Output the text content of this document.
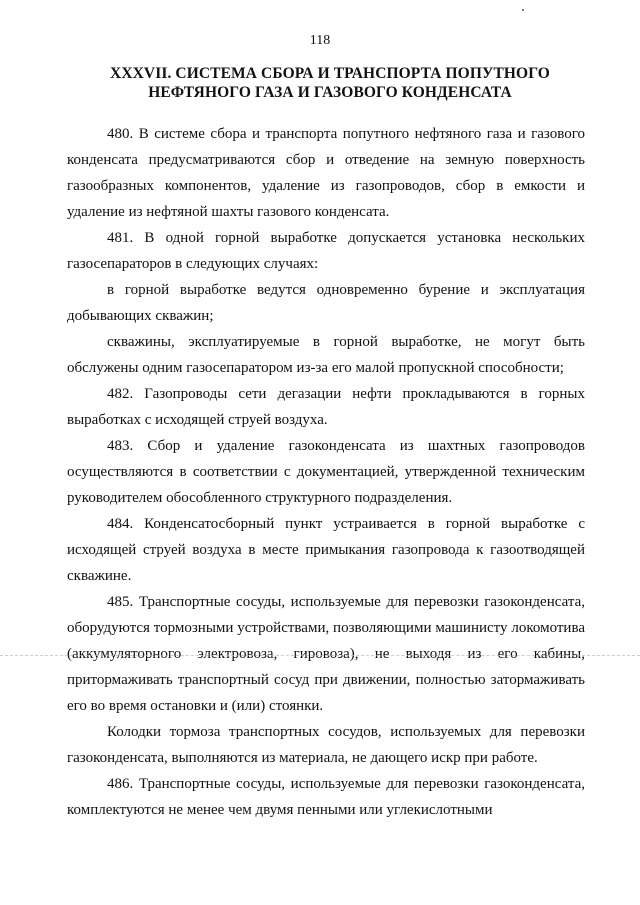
118
XXXVII. СИСТЕМА СБОРА И ТРАНСПОРТА ПОПУТНОГО
НЕФТЯНОГО ГАЗА И ГАЗОВОГО КОНДЕНСАТА

480. В системе сбора и транспорта попутного нефтяного газа и газового конденсата предусматриваются сбор и отведение на земную поверхность газообразных компонентов, удаление из газопроводов, сбор в емкости и удаление из нефтяной шахты газового конденсата.

481. В одной горной выработке допускается установка нескольких газосепараторов в следующих случаях:

в горной выработке ведутся одновременно бурение и эксплуатация добывающих скважин;

скважины, эксплуатируемые в горной выработке, не могут быть обслужены одним газосепаратором из-за его малой пропускной способности;

482. Газопроводы сети дегазации нефти прокладываются в горных выработках с исходящей струей воздуха.

483. Сбор и удаление газоконденсата из шахтных газопроводов осуществляются в соответствии с документацией, утвержденной техническим руководителем обособленного структурного подразделения.

484. Конденсатосборный пункт устраивается в горной выработке с исходящей струей воздуха в месте примыкания газопровода к газоотводящей скважине.

485. Транспортные сосуды, используемые для перевозки газоконденсата, оборудуются тормозными устройствами, позволяющими машинисту локомотива (аккумуляторного электровоза, гировоза), не выходя из его кабины, притормаживать транспортный сосуд при движении, полностью затормаживать его во время остановки и (или) стоянки.

Колодки тормоза транспортных сосудов, используемых для перевозки газоконденсата, выполняются из материала, не дающего искр при работе.

486. Транспортные сосуды, используемые для перевозки газоконденсата, комплектуются не менее чем двумя пенными или углекислотными
